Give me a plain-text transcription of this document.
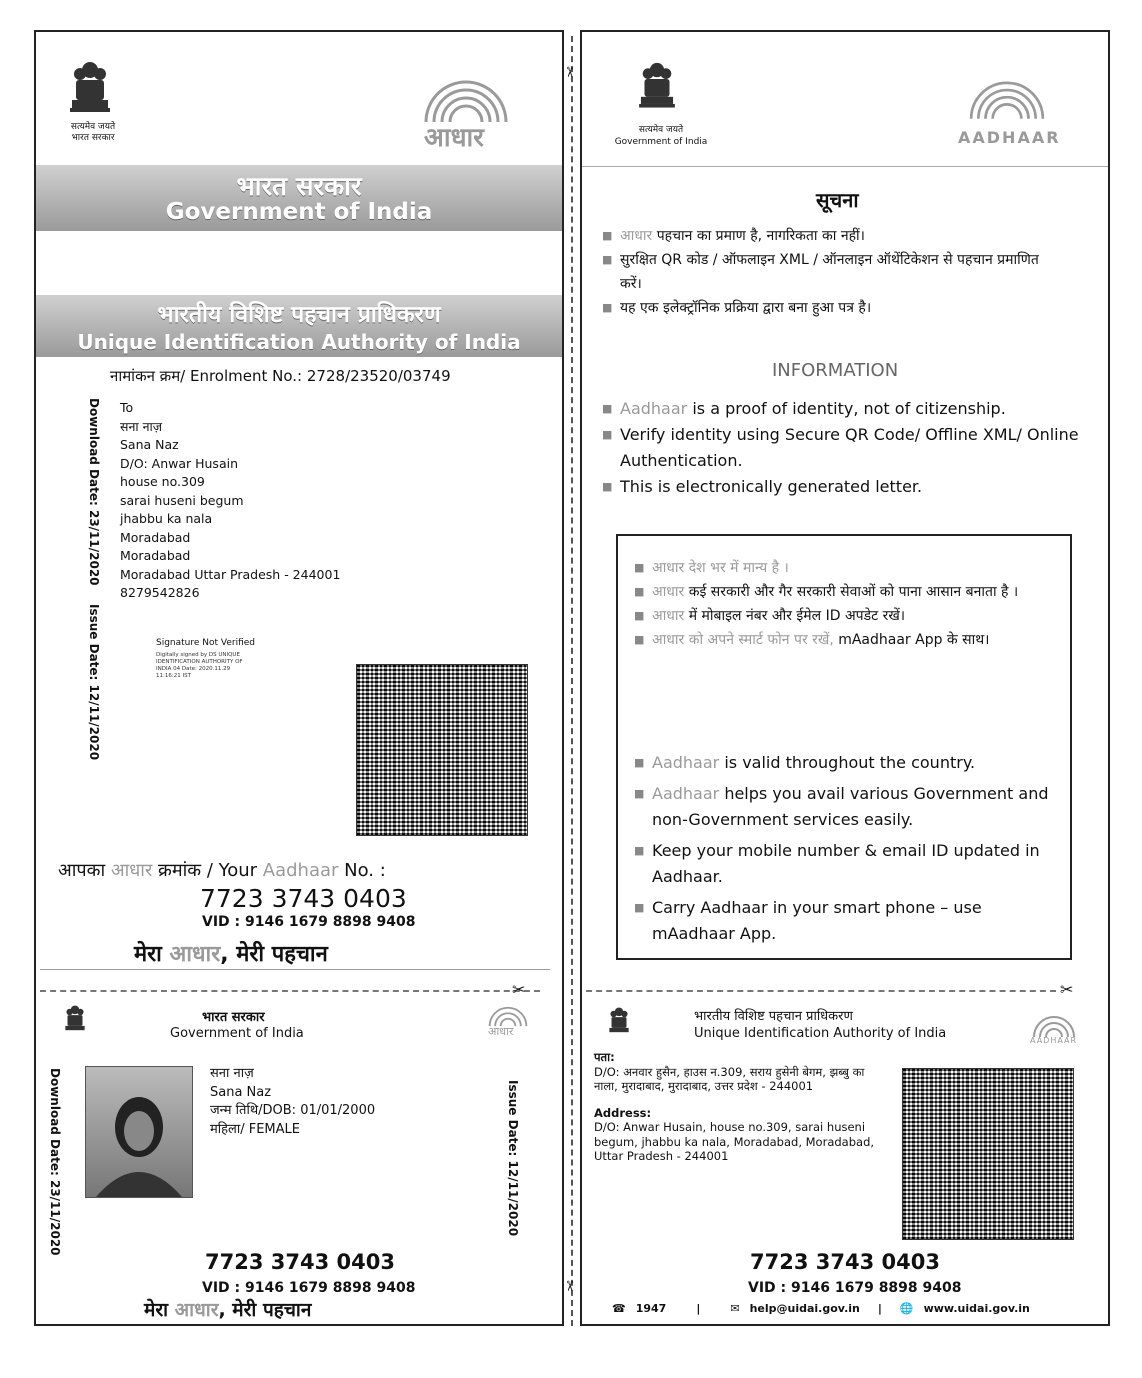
✂
✂
सत्यमेव जयते
भारत सरकार	आधार
भारत सरकार
Government of India
भारतीय विशिष्ट पहचान प्राधिकरण
Unique Identification Authority of India
नामांकन क्रम/ Enrolment No.: 2728/23520/03749
Download Date: 23/11/2020
Issue Date: 12/11/2020
To
सना नाज़
Sana Naz
D/O: Anwar Husain
house no.309
sarai huseni begum
jhabbu ka nala
Moradabad
Moradabad
Moradabad Uttar Pradesh - 244001
8279542826
Signature Not Verified
Digitally signed by DS UNIQUE IDENTIFICATION AUTHORITY OF INDIA 04 Date: 2020.11.29 11:16:21 IST
आपका आधार क्रमांक / Your Aadhaar No. :
7723 3743 0403
VID : 9146 1679 8898 9408
मेरा आधार, मेरी पहचान
✂
भारत सरकार
Government of India	आधार
Download Date: 23/11/2020	Issue Date: 12/11/2020
सना नाज़
Sana Naz
जन्म तिथि/DOB: 01/01/2000
महिला/ FEMALE
7723 3743 0403
VID : 9146 1679 8898 9408
मेरा आधार, मेरी पहचान
सत्यमेव जयते
Government of India	AADHAAR
सूचना
■ आधार पहचान का प्रमाण है, नागरिकता का नहीं।
■ सुरक्षित QR कोड / ऑफलाइन XML / ऑनलाइन ऑथेंटिकेशन से पहचान प्रमाणित करें।
■ यह एक इलेक्ट्रॉनिक प्रक्रिया द्वारा बना हुआ पत्र है।
INFORMATION
■ Aadhaar is a proof of identity, not of citizenship.
■ Verify identity using Secure QR Code/ Offline XML/ Online Authentication.
■ This is electronically generated letter.
■ आधार देश भर में मान्य है ।
■ आधार कई सरकारी और गैर सरकारी सेवाओं को पाना आसान बनाता है ।
■ आधार में मोबाइल नंबर और ईमेल ID अपडेट रखें।
■ आधार को अपने स्मार्ट फोन पर रखें, mAadhaar App के साथ।
■ Aadhaar is valid throughout the country.
■ Aadhaar helps you avail various Government and non-Government services easily.
■ Keep your mobile number & email ID updated in Aadhaar.
■ Carry Aadhaar in your smart phone – use mAadhaar App.
✂
भारतीय विशिष्ट पहचान प्राधिकरण
Unique Identification Authority of India	AADHAAR
पता:
D/O: अनवार हुसैन, हाउस न.309, सराय हुसेनी बेगम, झब्बु का नाला, मुरादाबाद, मुरादाबाद, उत्तर प्रदेश - 244001
Address:
D/O: Anwar Husain, house no.309, sarai huseni begum, jhabbu ka nala, Moradabad, Moradabad, Uttar Pradesh - 244001
7723 3743 0403
VID : 9146 1679 8898 9408
☎ 1947	|	✉ help@uidai.gov.in | 🌐 www.uidai.gov.in
